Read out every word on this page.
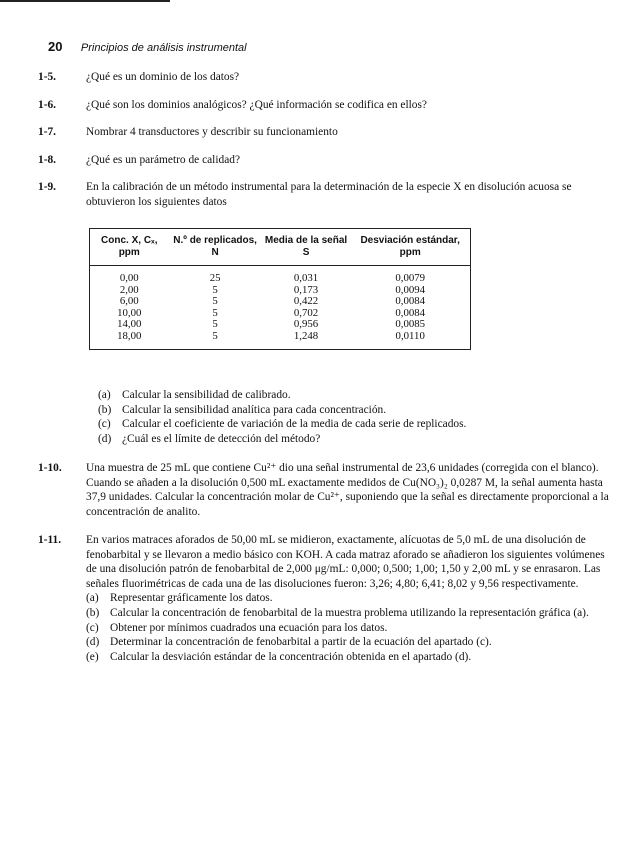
20 Principios de análisis instrumental
1-5.	¿Qué es un dominio de los datos?

1-6.	¿Qué son los dominios analógicos? ¿Qué información se codifica en ellos?

1-7.	Nombrar 4 transductores y describir su funcionamiento

1-8.	¿Qué es un parámetro de calidad?

1-9.	En la calibración de un método instrumental para la determinación de la especie X en disolución acuosa se obtuvieron los siguientes datos

Conc. X, Cₓ, ppm	N.º de replicados, N	Media de la señal S	Desviación estándar, ppm
0,00	25	0,031	0,0079
2,00	5	0,173	0,0094
6,00	5	0,422	0,0084
10,00	5	0,702	0,0084
14,00	5	0,956	0,0085
18,00	5	1,248	0,0110
(a) Calcular la sensibilidad de calibrado.
(b) Calcular la sensibilidad analítica para cada concentración.
(c) Calcular el coeficiente de variación de la media de cada serie de replicados.
(d) ¿Cuál es el límite de detección del método?
1-10. Una muestra de 25 mL que contiene Cu²⁺ dio una señal instrumental de 23,6 unidades (corregida con el blanco). Cuando se añaden a la disolución 0,500 mL exactamente medidos de Cu(NO₃)₂ 0,0287 M, la señal aumenta hasta 37,9 unidades. Calcular la concentración molar de Cu²⁺, suponiendo que la señal es directamente proporcional a la concentración de analito.

1-11. En varios matraces aforados de 50,00 mL se midieron, exactamente, alícuotas de 5,0 mL de una disolución de fenobarbital y se llevaron a medio básico con KOH. A cada matraz aforado se añadieron los siguientes volúmenes de una disolución patrón de fenobarbital de 2,000 μg/mL: 0,000; 0,500; 1,00; 1,50 y 2,00 mL y se enrasaron. Las señales fluorimétricas de cada una de las disoluciones fueron: 3,26; 4,80; 6,41; 8,02 y 9,56 respectivamente.

(a) Representar gráficamente los datos.
(b) Calcular la concentración de fenobarbital de la muestra problema utilizando la representación gráfica (a).
(c) Obtener por mínimos cuadrados una ecuación para los datos.
(d) Determinar la concentración de fenobarbital a partir de la ecuación del apartado (c).
(e) Calcular la desviación estándar de la concentración obtenida en el apartado (d).
